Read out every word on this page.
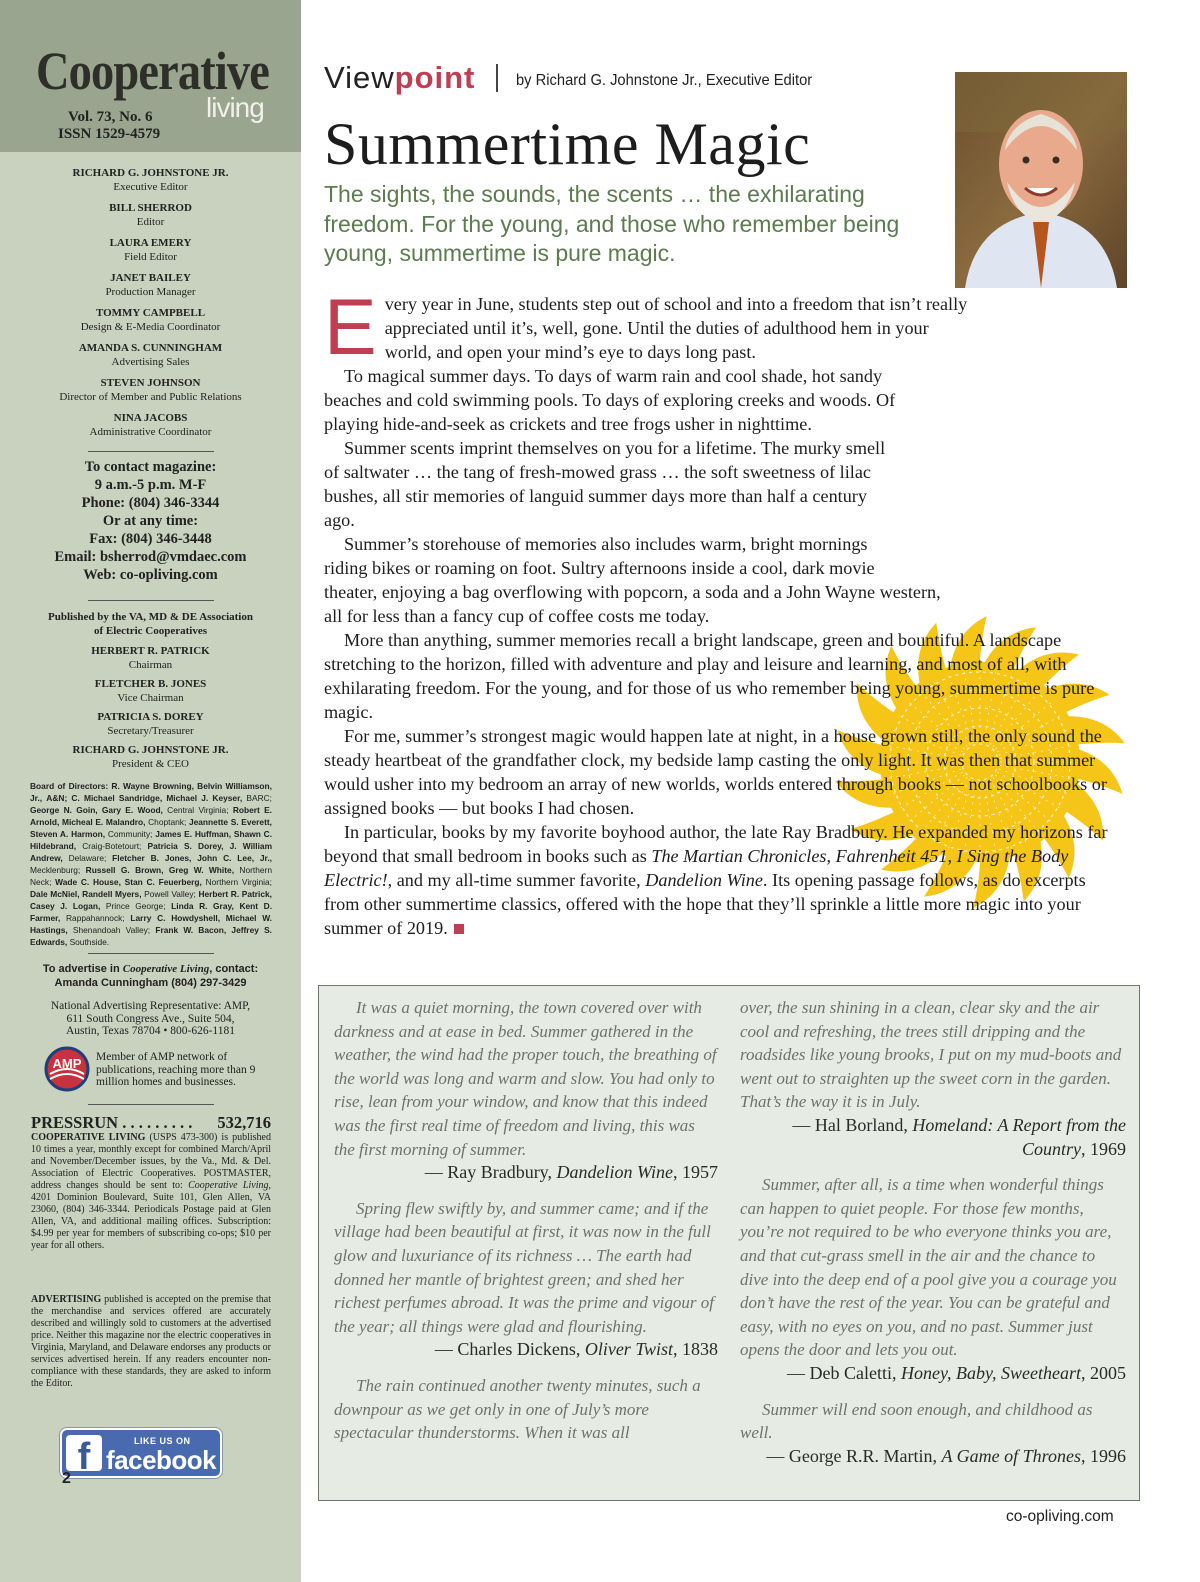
Cooperative
living
Vol. 73, No. 6
ISSN 1529-4579
RICHARD G. JOHNSTONE JR.
Executive Editor
BILL SHERROD
Editor
LAURA EMERY
Field Editor
JANET BAILEY
Production Manager
TOMMY CAMPBELL
Design & E-Media Coordinator
AMANDA S. CUNNINGHAM
Advertising Sales
STEVEN JOHNSON
Director of Member and Public Relations
NINA JACOBS
Administrative Coordinator
To contact magazine:
9 a.m.-5 p.m. M-F
Phone: (804) 346-3344
Or at any time:
Fax: (804) 346-3448
Email: bsherrod@vmdaec.com
Web: co-opliving.com
Published by the VA, MD & DE Association
of Electric Cooperatives
HERBERT R. PATRICK
Chairman
FLETCHER B. JONES
Vice Chairman
PATRICIA S. DOREY
Secretary/Treasurer
RICHARD G. JOHNSTONE JR.
President & CEO
Board of Directors: R. Wayne Browning, Belvin Williamson, Jr., A&N; C. Michael Sandridge, Michael J. Keyser, BARC; George N. Goin, Gary E. Wood, Central Virginia; Robert E. Arnold, Micheal E. Malandro, Choptank; Jeannette S. Everett, Steven A. Harmon, Community; James E. Huffman, Shawn C. Hildebrand, Craig-Botetourt; Patricia S. Dorey, J. William Andrew, Delaware; Fletcher B. Jones, John C. Lee, Jr., Mecklenburg; Russell G. Brown, Greg W. White, Northern Neck; Wade C. House, Stan C. Feuerberg, Northern Virginia; Dale McNiel, Randell Myers, Powell Valley; Herbert R. Patrick, Casey J. Logan, Prince George; Linda R. Gray, Kent D. Farmer, Rappahannock; Larry C. Howdyshell, Michael W. Hastings, Shenandoah Valley; Frank W. Bacon, Jeffrey S. Edwards, Southside.
To advertise in Cooperative Living, contact:
Amanda Cunningham (804) 297-3429
National Advertising Representative: AMP,
611 South Congress Ave., Suite 504,
Austin, Texas 78704 • 800-626-1181
AMP Member of AMP network of publications, reaching more than 9 million homes and businesses.
PRESSRUN . . . . . . . . . 532,716
COOPERATIVE LIVING (USPS 473-300) is published 10 times a year, monthly except for combined March/April and November/December issues, by the Va., Md. & Del. Association of Electric Cooperatives. POSTMASTER, address changes should be sent to: Cooperative Living, 4201 Dominion Boulevard, Suite 101, Glen Allen, VA 23060, (804) 346-3344. Periodicals Postage paid at Glen Allen, VA, and additional mailing offices. Subscription: $4.99 per year for members of subscribing co-ops; $10 per year for all others.
ADVERTISING published is accepted on the premise that the merchandise and services offered are accurately described and willingly sold to customers at the advertised price. Neither this magazine nor the electric cooperatives in Virginia, Maryland, and Delaware endorses any products or services advertised herein. If any readers encounter non-compliance with these standards, they are asked to inform the Editor.
f	LIKE US ON
facebook
2
Viewpoint	by Richard G. Johnstone Jr., Executive Editor
Summertime Magic
The sights, the sounds, the scents … the exhilarating freedom. For the young, and those who remember being young, summertime is pure magic.

Every year in June, students step out of school and into a freedom that isn’t really appreciated until it’s, well, gone. Until the duties of adulthood hem in your world, and open your mind’s eye to days long past.

To magical summer days. To days of warm rain and cool shade, hot sandy beaches and cold swimming pools. To days of exploring creeks and woods. Of playing hide-and-seek as crickets and tree frogs usher in nighttime.

Summer scents imprint themselves on you for a lifetime. The murky smell of saltwater … the tang of fresh-mowed grass … the soft sweetness of lilac bushes, all stir memories of languid summer days more than half a century ago.

Summer’s storehouse of memories also includes warm, bright mornings riding bikes or roaming on foot. Sultry afternoons inside a cool, dark movie theater, enjoying a bag overflowing with popcorn, a soda and a John Wayne western, all for less than a fancy cup of coffee costs me today.

More than anything, summer memories recall a bright landscape, green and bountiful. A landscape stretching to the horizon, filled with adventure and play and leisure and learning, and most of all, with exhilarating freedom. For the young, and for those of us who remember being young, summertime is pure magic.

For me, summer’s strongest magic would happen late at night, in a house grown still, the only sound the steady heartbeat of the grandfather clock, my bedside lamp casting the only light. It was then that summer would usher into my bedroom an array of new worlds, worlds entered through books — not schoolbooks or assigned books — but books I had chosen.

In particular, books by my favorite boyhood author, the late Ray Bradbury. He expanded my horizons far beyond that small bedroom in books such as The Martian Chronicles, Fahrenheit 451, I Sing the Body Electric!, and my all-time summer favorite, Dandelion Wine. Its opening passage follows, as do excerpts from other summertime classics, offered with the hope that they’ll sprinkle a little more magic into your summer of 2019.

It was a quiet morning, the town covered over with darkness and at ease in bed. Summer gathered in the weather, the wind had the proper touch, the breathing of the world was long and warm and slow. You had only to rise, lean from your window, and know that this indeed was the first real time of freedom and living, this was the first morning of summer.

— Ray Bradbury, Dandelion Wine, 1957

Spring flew swiftly by, and summer came; and if the village had been beautiful at first, it was now in the full glow and luxuriance of its richness … The earth had donned her mantle of brightest green; and shed her richest perfumes abroad. It was the prime and vigour of the year; all things were glad and flourishing.

— Charles Dickens, Oliver Twist, 1838

The rain continued another twenty minutes, such a downpour as we get only in one of July’s more spectacular thunderstorms. When it was all

over, the sun shining in a clean, clear sky and the air cool and refreshing, the trees still dripping and the roadsides like young brooks, I put on my mud-boots and went out to straighten up the sweet corn in the garden. That’s the way it is in July.

— Hal Borland, Homeland: A Report from the Country, 1969

Summer, after all, is a time when wonderful things can happen to quiet people. For those few months, you’re not required to be who everyone thinks you are, and that cut-grass smell in the air and the chance to dive into the deep end of a pool give you a courage you don’t have the rest of the year. You can be grateful and easy, with no eyes on you, and no past. Summer just opens the door and lets you out.

— Deb Caletti, Honey, Baby, Sweetheart, 2005

Summer will end soon enough, and childhood as well.

— George R.R. Martin, A Game of Thrones, 1996

co-opliving.com
